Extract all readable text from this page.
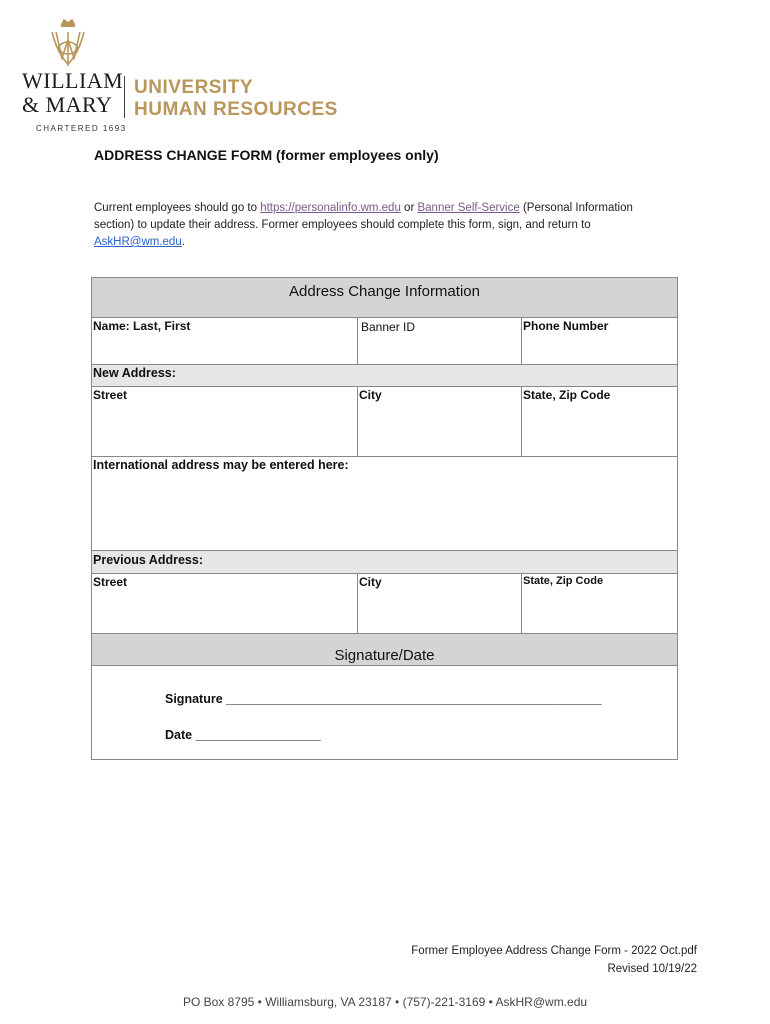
WILLIAM
& MARY
UNIVERSITY
HUMAN RESOURCES
CHARTERED 1693
ADDRESS CHANGE FORM (former employees only)
Current employees should go to https://personalinfo.wm.edu or Banner Self-Service (Personal Information section) to update their address. Former employees should complete this form, sign, and return to AskHR@wm.edu.
Address Change Information
Name: Last, First	Banner ID	Phone Number
New Address:
Street	City	State, Zip Code
International address may be entered here:
Previous Address:
Street	City	State, Zip Code
Signature/Date
Signature ______________________________________________________
Date __________________
Former Employee Address Change Form - 2022 Oct.pdf
Revised 10/19/22
PO Box 8795 • Williamsburg, VA 23187 • (757)-221-3169 • AskHR@wm.edu
